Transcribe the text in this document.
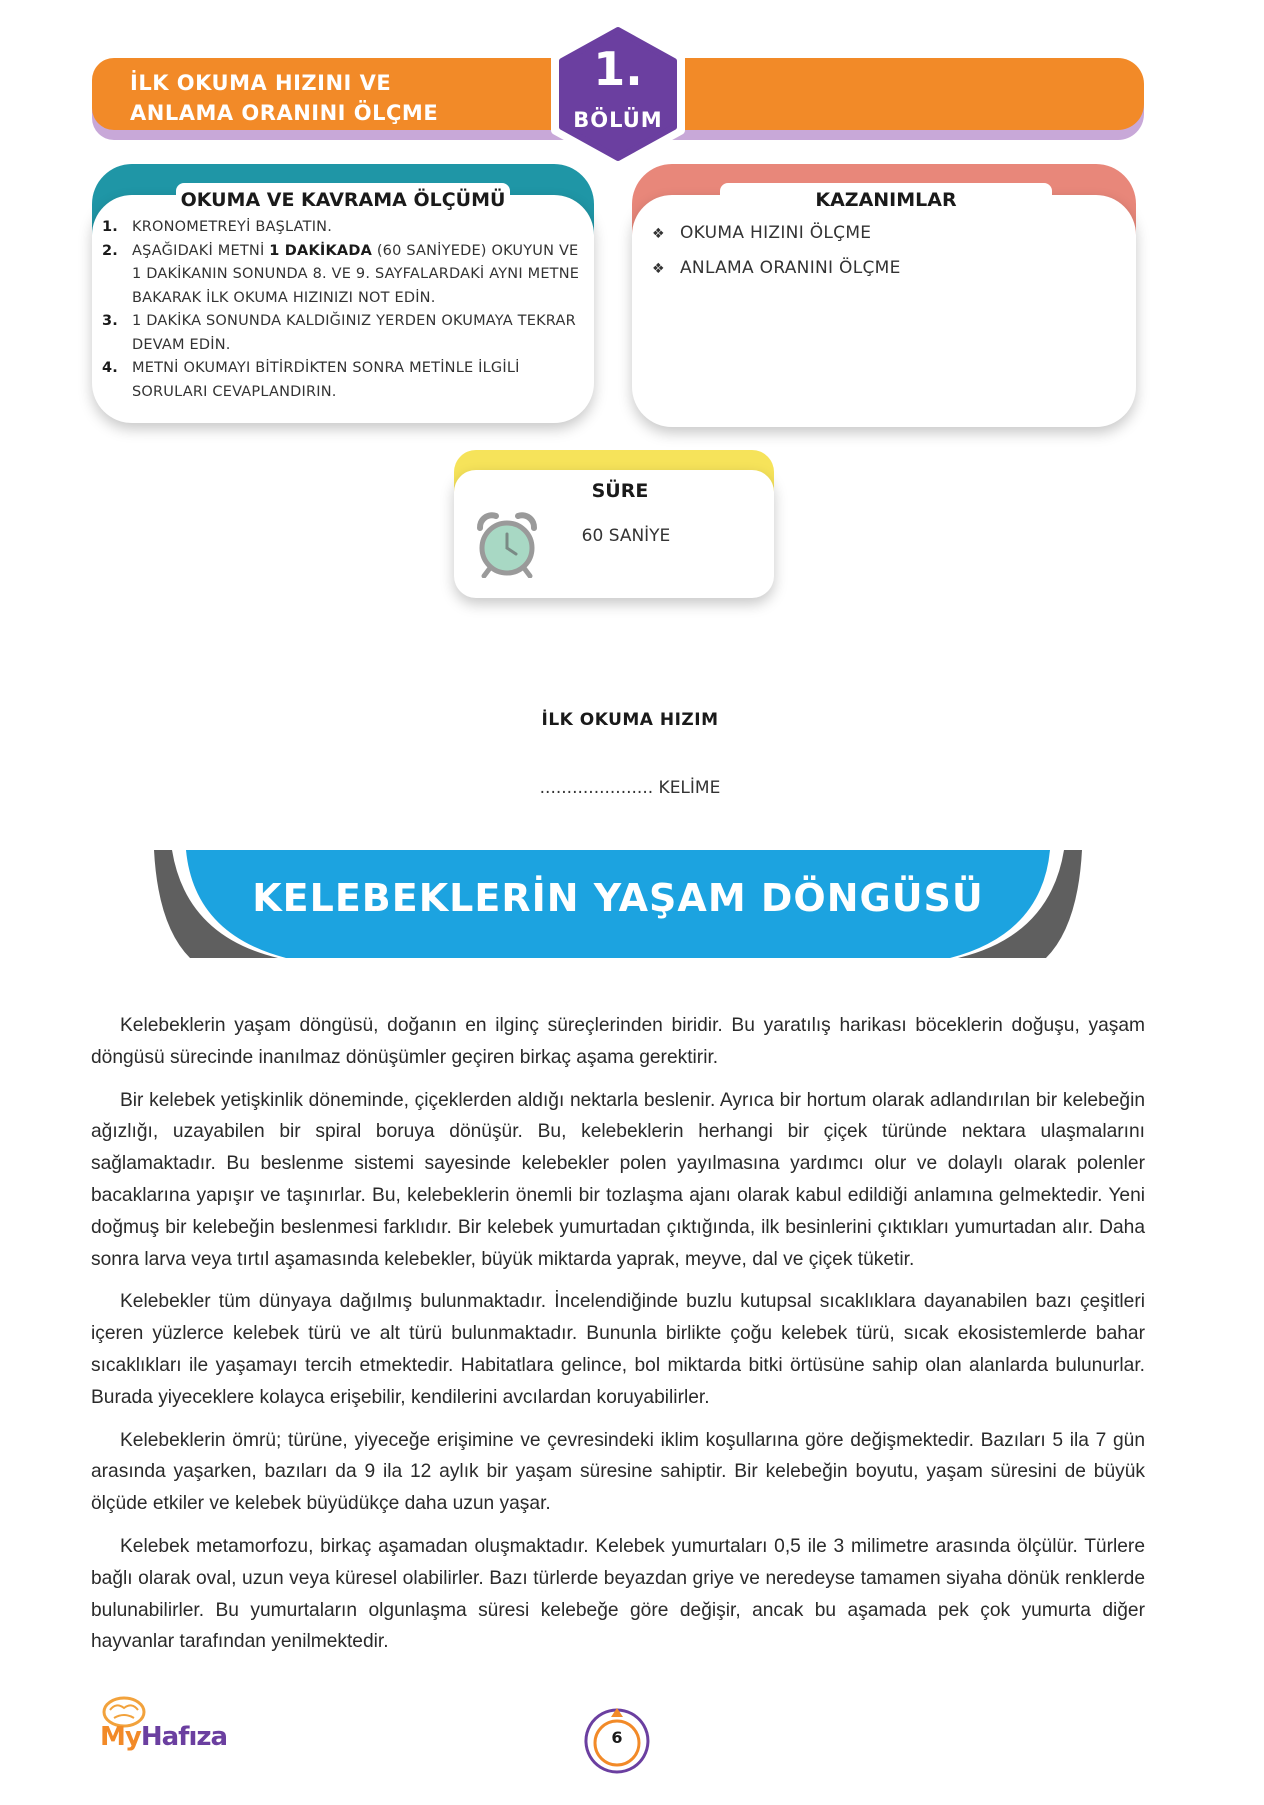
İLK OKUMA HIZINI VE
ANLAMA ORANINI ÖLÇME
1.
BÖLÜM
OKUMA VE KAVRAMA ÖLÇÜMÜ
1. KRONOMETREYİ BAŞLATIN.
2. AŞAĞIDAKİ METNİ 1 DAKİKADA (60 SANİYEDE) OKUYUN VE 1 DAKİKANIN SONUNDA 8. VE 9. SAYFALARDAKİ AYNI METNE BAKARAK İLK OKUMA HIZINIZI NOT EDİN.
3. 1 DAKİKA SONUNDA KALDIĞINIZ YERDEN OKUMAYA TEKRAR DEVAM EDİN.
4. METNİ OKUMAYI BİTİRDİKTEN SONRA METİNLE İLGİLİ SORULARI CEVAPLANDIRIN.
KAZANIMLAR
❖ OKUMA HIZINI ÖLÇME
❖ ANLAMA ORANINI ÖLÇME
SÜRE
60 SANİYE
İLK OKUMA HIZIM
..................... KELİME
KELEBEKLERİN YAŞAM DÖNGÜSÜ

Kelebeklerin yaşam döngüsü, doğanın en ilginç süreçlerinden biridir. Bu yaratılış harikası böceklerin doğuşu, yaşam döngüsü sürecinde inanılmaz dönüşümler geçiren birkaç aşama gerektirir.

Bir kelebek yetişkinlik döneminde, çiçeklerden aldığı nektarla beslenir. Ayrıca bir hortum olarak adlandırılan bir kelebeğin ağızlığı, uzayabilen bir spiral boruya dönüşür. Bu, kelebeklerin herhangi bir çiçek türünde nektara ulaşmalarını sağlamaktadır. Bu beslenme sistemi sayesinde kelebekler polen yayılmasına yardımcı olur ve dolaylı olarak polenler bacaklarına yapışır ve taşınırlar. Bu, kelebeklerin önemli bir tozlaşma ajanı olarak kabul edildiği anlamına gelmektedir. Yeni doğmuş bir kelebeğin beslenmesi farklıdır. Bir kelebek yumurtadan çıktığında, ilk besinlerini çıktıkları yumurtadan alır. Daha sonra larva veya tırtıl aşamasında kelebekler, büyük miktarda yaprak, meyve, dal ve çiçek tüketir.

Kelebekler tüm dünyaya dağılmış bulunmaktadır. İncelendiğinde buzlu kutupsal sıcaklıklara dayanabilen bazı çeşitleri içeren yüzlerce kelebek türü ve alt türü bulunmaktadır. Bununla birlikte çoğu kelebek türü, sıcak ekosistemlerde bahar sıcaklıkları ile yaşamayı tercih etmektedir. Habitatlara gelince, bol miktarda bitki örtüsüne sahip olan alanlarda bulunurlar. Burada yiyeceklere kolayca erişebilir, kendilerini avcılardan koruyabilirler.

Kelebeklerin ömrü; türüne, yiyeceğe erişimine ve çevresindeki iklim koşullarına göre değişmektedir. Bazıları 5 ila 7 gün arasında yaşarken, bazıları da 9 ila 12 aylık bir yaşam süresine sahiptir. Bir kelebeğin boyutu, yaşam süresini de büyük ölçüde etkiler ve kelebek büyüdükçe daha uzun yaşar.

Kelebek metamorfozu, birkaç aşamadan oluşmaktadır. Kelebek yumurtaları 0,5 ile 3 milimetre arasında ölçülür. Türlere bağlı olarak oval, uzun veya küresel olabilirler. Bazı türlerde beyazdan griye ve neredeyse tamamen siyaha dönük renklerde bulunabilirler. Bu yumurtaların olgunlaşma süresi kelebeğe göre değişir, ancak bu aşamada pek çok yumurta diğer hayvanlar tarafından yenilmektedir.

MyHafıza	6
